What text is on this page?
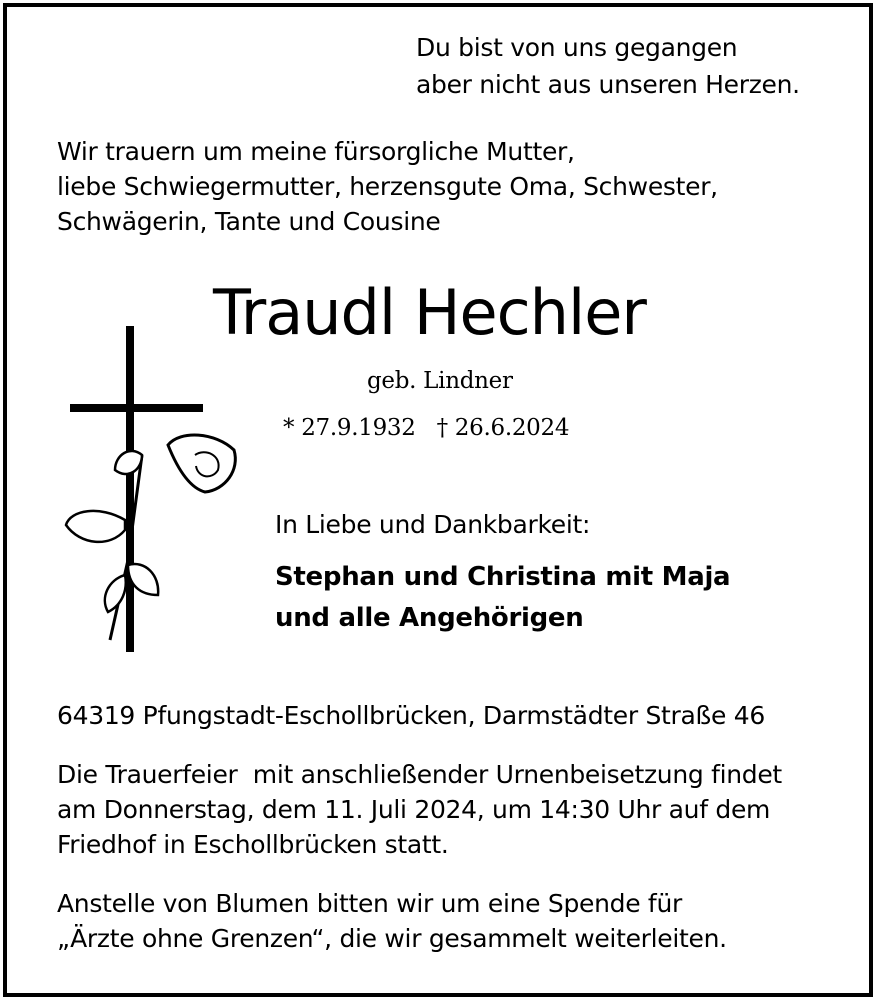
Du bist von uns gegangen
aber nicht aus unseren Herzen.
Wir trauern um meine fürsorgliche Mutter,
liebe Schwiegermutter, herzensgute Oma, Schwester,
Schwägerin, Tante und Cousine
Traudl Hechler
geb. Lindner
* 27.9.1932   † 26.6.2024
In Liebe und Dankbarkeit:
Stephan und Christina mit Maja
und alle Angehörigen
64319 Pfungstadt-Eschollbrücken, Darmstädter Straße 46
Die Trauerfeier  mit anschließender Urnenbeisetzung findet
am Donnerstag, dem 11. Juli 2024, um 14:30 Uhr auf dem
Friedhof in Eschollbrücken statt.
Anstelle von Blumen bitten wir um eine Spende für
„Ärzte ohne Grenzen“, die wir gesammelt weiterleiten.
